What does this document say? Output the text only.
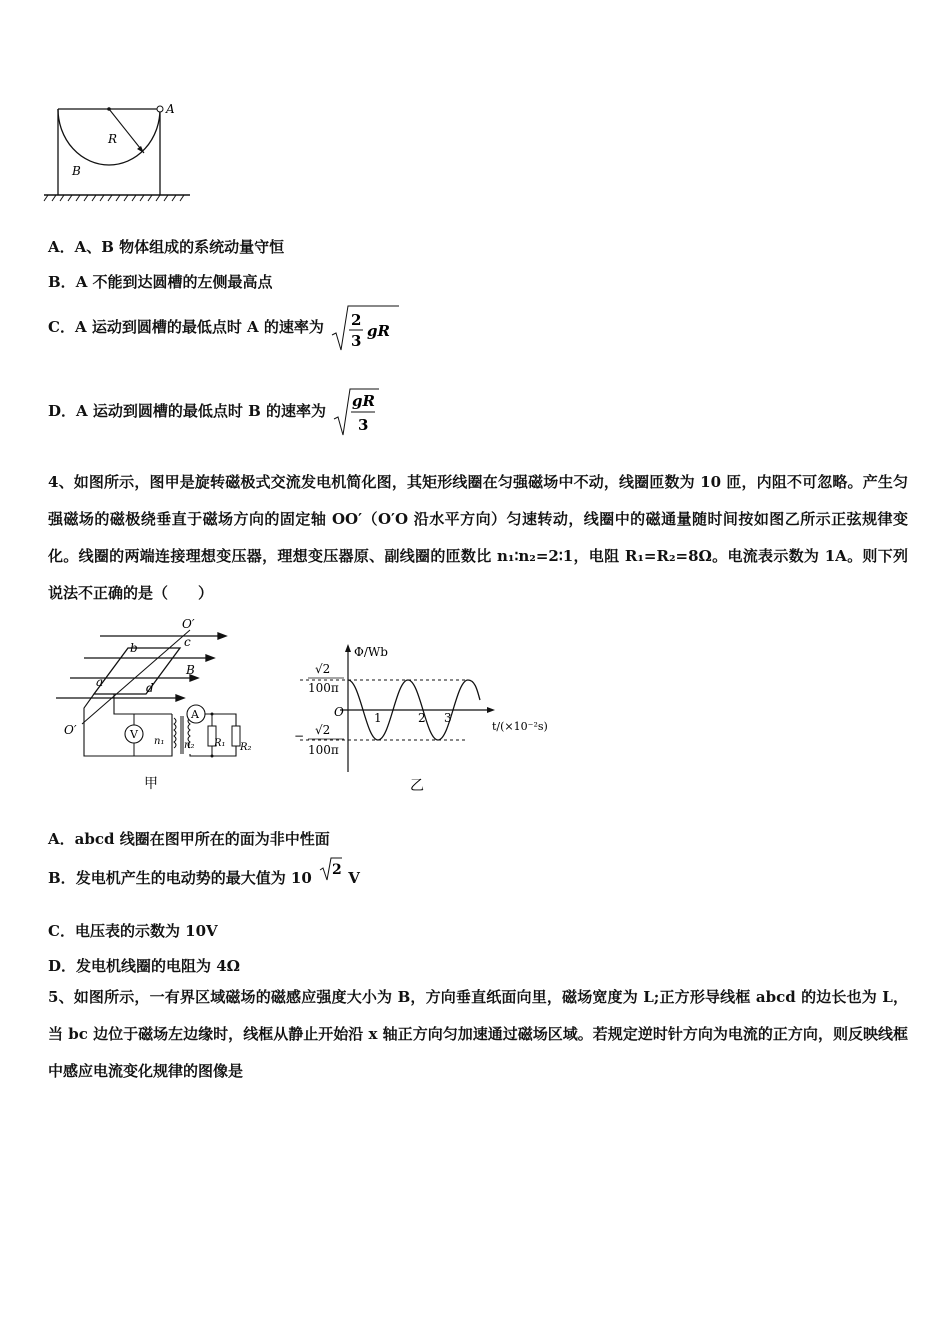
A
R
B
A．A、B 物体组成的系统动量守恒
B．A 不能到达圆槽的左侧最高点
C．A 运动到圆槽的最低点时 A 的速率为 2
3
gR
D．A 运动到圆槽的最低点时 B 的速率为
gR
3
4、如图所示，图甲是旋转磁极式交流发电机简化图，其矩形线圈在匀强磁场中不动，线圈匝数为 10 匝，内阻不可忽略。产生匀强磁场的磁极绕垂直于磁场方向的固定轴 OO′（O′O 沿水平方向）匀速转动，线圈中的磁通量随时间按如图乙所示正弦规律变化。线圈的两端连接理想变压器，理想变压器原、副线圈的匝数比 n₁∶n₂=2∶1，电阻 R₁=R₂=8Ω。电流表示数为 1A。则下列说法不正确的是（　　）
V
A
O′
O′
a
b	c
d
B
n₁ n₂ R₁ R₂
甲
Φ/Wb
O
√2
100π
− √2
100π
1	2 3
t/(×10⁻²s)
乙
A．abcd 线圈在图甲所在的面为非中性面
B．发电机产生的电动势的最大值为 10 2 V
C．电压表的示数为 10V
D．发电机线圈的电阻为 4Ω
5、如图所示，一有界区域磁场的磁感应强度大小为 B，方向垂直纸面向里，磁场宽度为 L;正方形导线框 abcd 的边长也为 L，当 bc 边位于磁场左边缘时，线框从静止开始沿 x 轴正方向匀加速通过磁场区域。若规定逆时针方向为电流的正方向，则反映线框中感应电流变化规律的图像是
